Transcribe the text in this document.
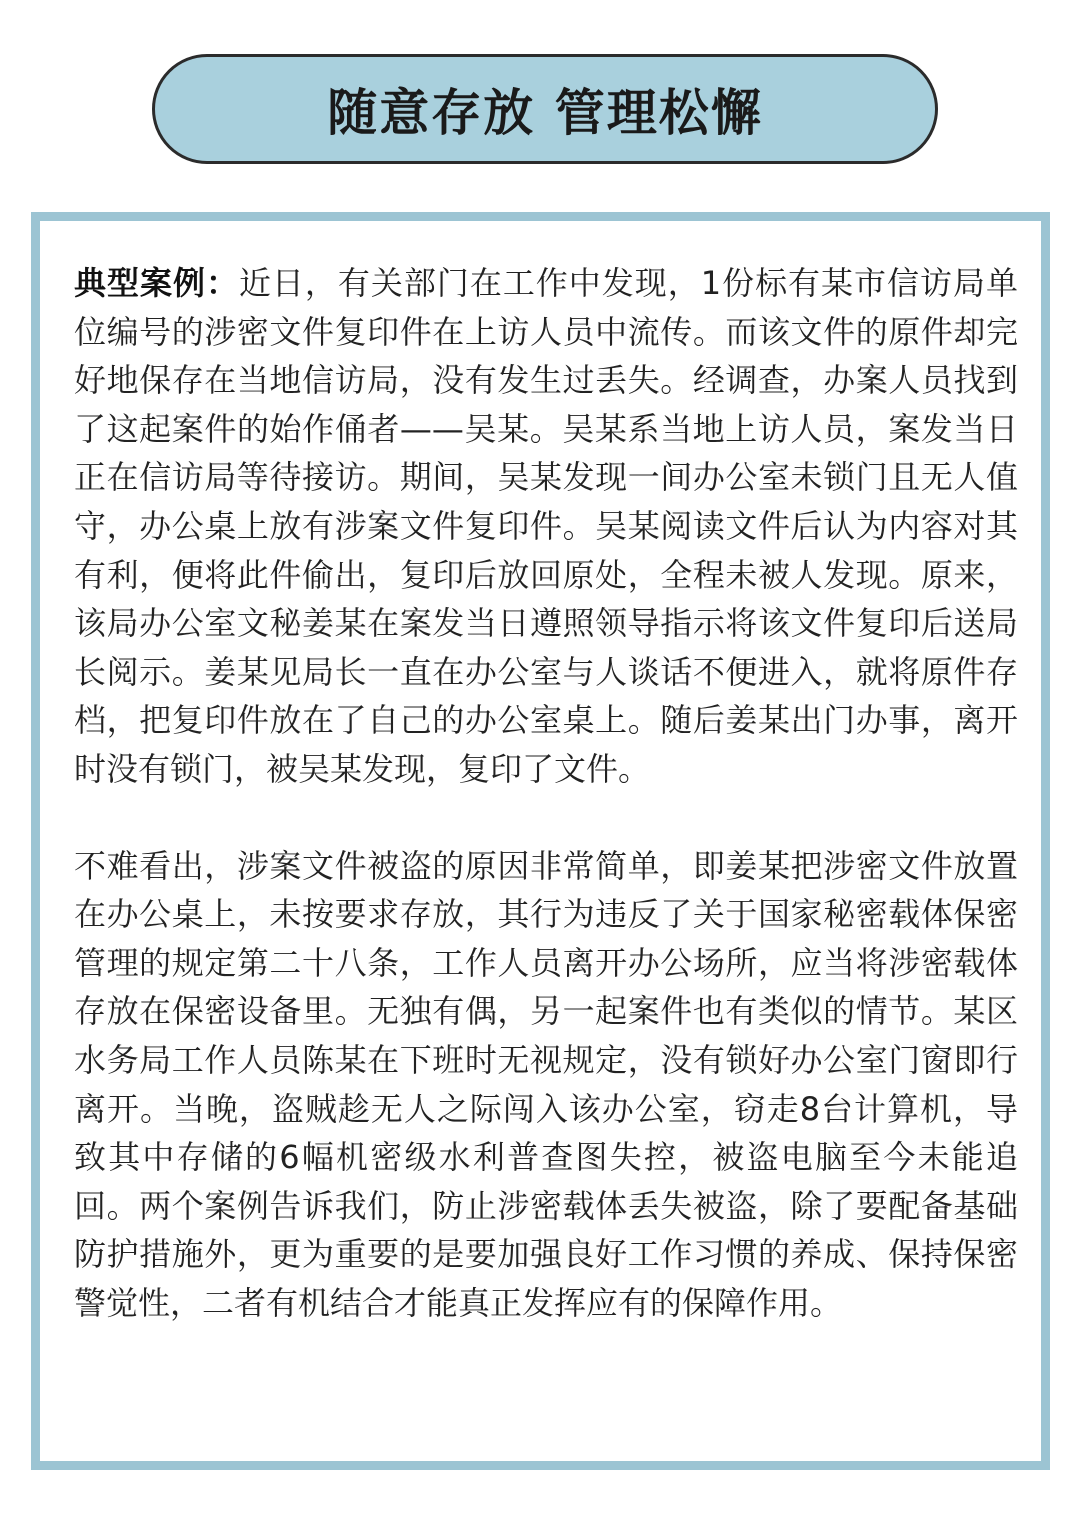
随意存放 管理松懈

典型案例：近日，有关部门在工作中发现，1份标有某市信访局单位编号的涉密文件复印件在上访人员中流传。而该文件的原件却完好地保存在当地信访局，没有发生过丢失。经调查，办案人员找到了这起案件的始作俑者——吴某。吴某系当地上访人员，案发当日正在信访局等待接访。期间，吴某发现一间办公室未锁门且无人值守，办公桌上放有涉案文件复印件。吴某阅读文件后认为内容对其有利，便将此件偷出，复印后放回原处，全程未被人发现。原来，该局办公室文秘姜某在案发当日遵照领导指示将该文件复印后送局长阅示。姜某见局长一直在办公室与人谈话不便进入，就将原件存档，把复印件放在了自己的办公室桌上。随后姜某出门办事，离开时没有锁门，被吴某发现，复印了文件。

不难看出，涉案文件被盗的原因非常简单，即姜某把涉密文件放置在办公桌上，未按要求存放，其行为违反了关于国家秘密载体保密管理的规定第二十八条，工作人员离开办公场所，应当将涉密载体存放在保密设备里。无独有偶，另一起案件也有类似的情节。某区水务局工作人员陈某在下班时无视规定，没有锁好办公室门窗即行离开。当晚，盗贼趁无人之际闯入该办公室，窃走8台计算机，导致其中存储的6幅机密级水利普查图失控，被盗电脑至今未能追回。两个案例告诉我们，防止涉密载体丢失被盗，除了要配备基础防护措施外，更为重要的是要加强良好工作习惯的养成、保持保密警觉性，二者有机结合才能真正发挥应有的保障作用。
